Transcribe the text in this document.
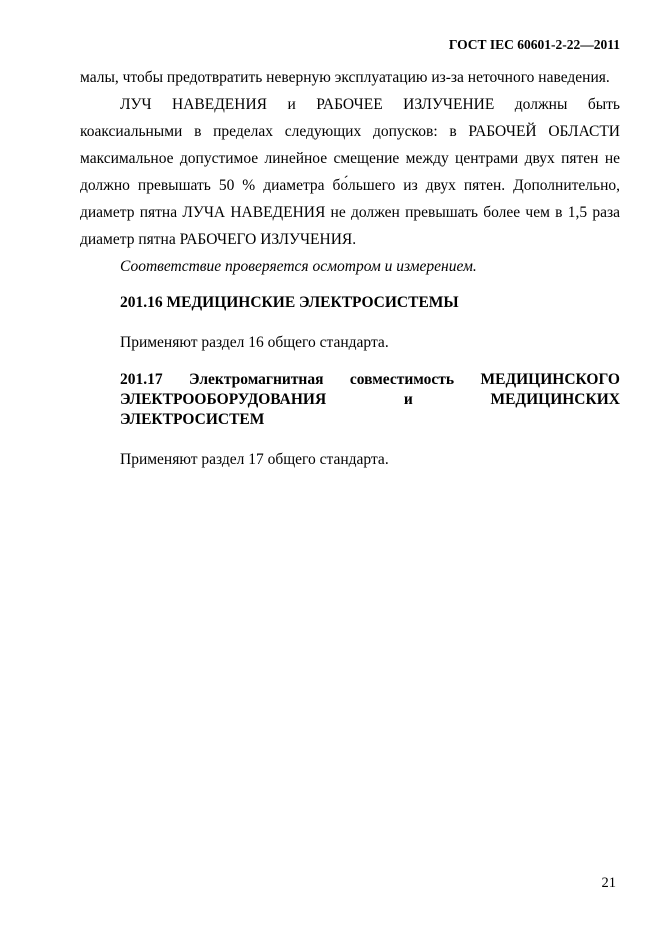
ГОСТ IEC 60601-2-22—2011

малы, чтобы предотвратить неверную эксплуатацию из-за неточного наведения.

ЛУЧ НАВЕДЕНИЯ и РАБОЧЕЕ ИЗЛУЧЕНИЕ должны быть коаксиальными в пределах следующих допусков: в РАБОЧЕЙ ОБЛАСТИ максимальное допустимое линейное смещение между центрами двух пятен не должно превышать 50 % диаметра бо́льшего из двух пятен. Дополнительно, диаметр пятна ЛУЧА НАВЕДЕНИЯ не должен превышать более чем в 1,5 раза диаметр пятна РАБОЧЕГО ИЗЛУЧЕНИЯ.

Соответствие проверяется осмотром и измерением.

201.16 МЕДИЦИНСКИЕ ЭЛЕКТРОСИСТЕМЫ

Применяют раздел 16 общего стандарта.

201.17 Электромагнитная совместимость МЕДИЦИНСКОГО ЭЛЕКТРООБОРУДОВАНИЯ и МЕДИЦИНСКИХ ЭЛЕКТРОСИСТЕМ

Применяют раздел 17 общего стандарта.

21
